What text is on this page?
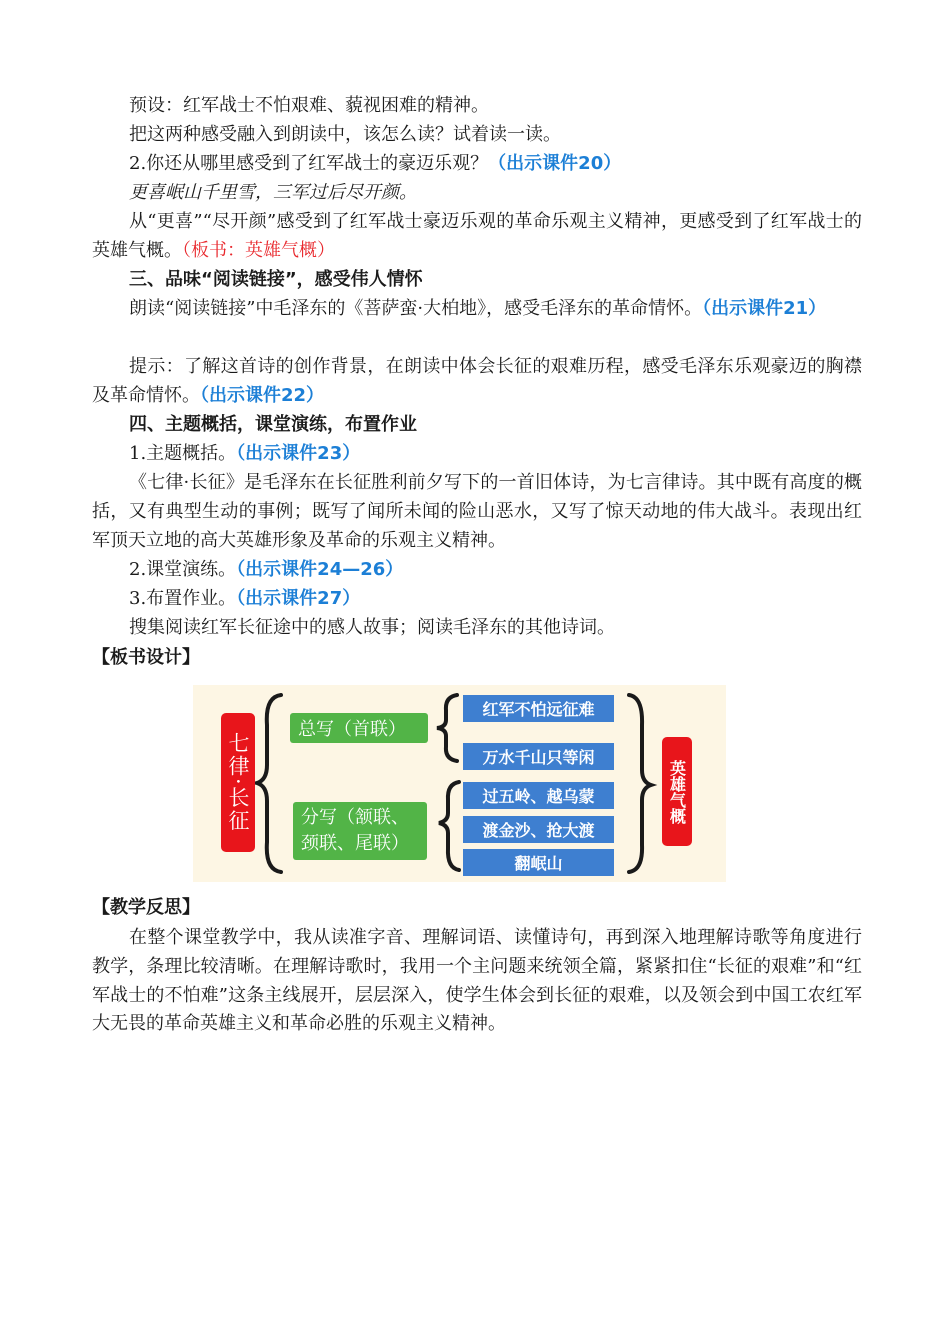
预设：红军战士不怕艰难、藐视困难的精神。
把这两种感受融入到朗读中，该怎么读？试着读一读。
2.你还从哪里感受到了红军战士的豪迈乐观？（出示课件20）
更喜岷山千里雪，三军过后尽开颜。
从“更喜”“尽开颜”感受到了红军战士豪迈乐观的革命乐观主义精神，更感受到了红军战士的英雄气概。（板书：英雄气概）
三、品味“阅读链接”，感受伟人情怀
朗读“阅读链接”中毛泽东的《菩萨蛮·大柏地》，感受毛泽东的革命情怀。（出示课件21）
提示：了解这首诗的创作背景，在朗读中体会长征的艰难历程，感受毛泽东乐观豪迈的胸襟及革命情怀。（出示课件22）
四、主题概括，课堂演练，布置作业
1.主题概括。（出示课件23）
《七律·长征》是毛泽东在长征胜利前夕写下的一首旧体诗，为七言律诗。其中既有高度的概括，又有典型生动的事例；既写了闻所未闻的险山恶水，又写了惊天动地的伟大战斗。表现出红军顶天立地的高大英雄形象及革命的乐观主义精神。
2.课堂演练。（出示课件24—26）
3.布置作业。（出示课件27）
搜集阅读红军长征途中的感人故事；阅读毛泽东的其他诗词。
【板书设计】
【教学反思】
在整个课堂教学中，我从读准字音、理解词语、读懂诗句，再到深入地理解诗歌等角度进行教学，条理比较清晰。在理解诗歌时，我用一个主问题来统领全篇，紧紧扣住“长征的艰难”和“红军战士的不怕难”这条主线展开，层层深入，使学生体会到长征的艰难，以及领会到中国工农红军大无畏的革命英雄主义和革命必胜的乐观主义精神。
七律·长征
总写（首联）
分写（颔联、颈联、尾联）
红军不怕远征难
万水千山只等闲
过五岭、越乌蒙
渡金沙、抢大渡
翻岷山
英雄气概
